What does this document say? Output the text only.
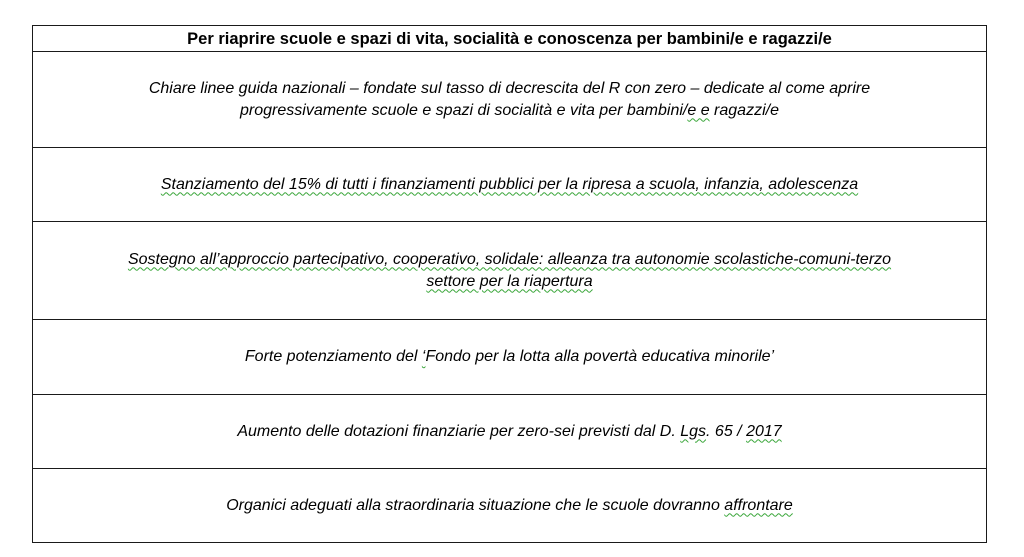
Per riaprire scuole e spazi di vita, socialità e conoscenza per bambini/e e ragazzi/e
Chiare linee guida nazionali – fondate sul tasso di decrescita del R con zero – dedicate al come aprire
progressivamente scuole e spazi di socialità e vita per bambini/e e ragazzi/e
Stanziamento del 15% di tutti i finanziamenti pubblici per la ripresa a scuola, infanzia, adolescenza
Sostegno all’approccio partecipativo, cooperativo, solidale: alleanza tra autonomie scolastiche-comuni-terzo
settore per la riapertura
Forte potenziamento del ‘Fondo per la lotta alla povertà educativa minorile’
Aumento delle dotazioni finanziarie per zero-sei previsti dal D. Lgs. 65 / 2017
Organici adeguati alla straordinaria situazione che le scuole dovranno affrontare
